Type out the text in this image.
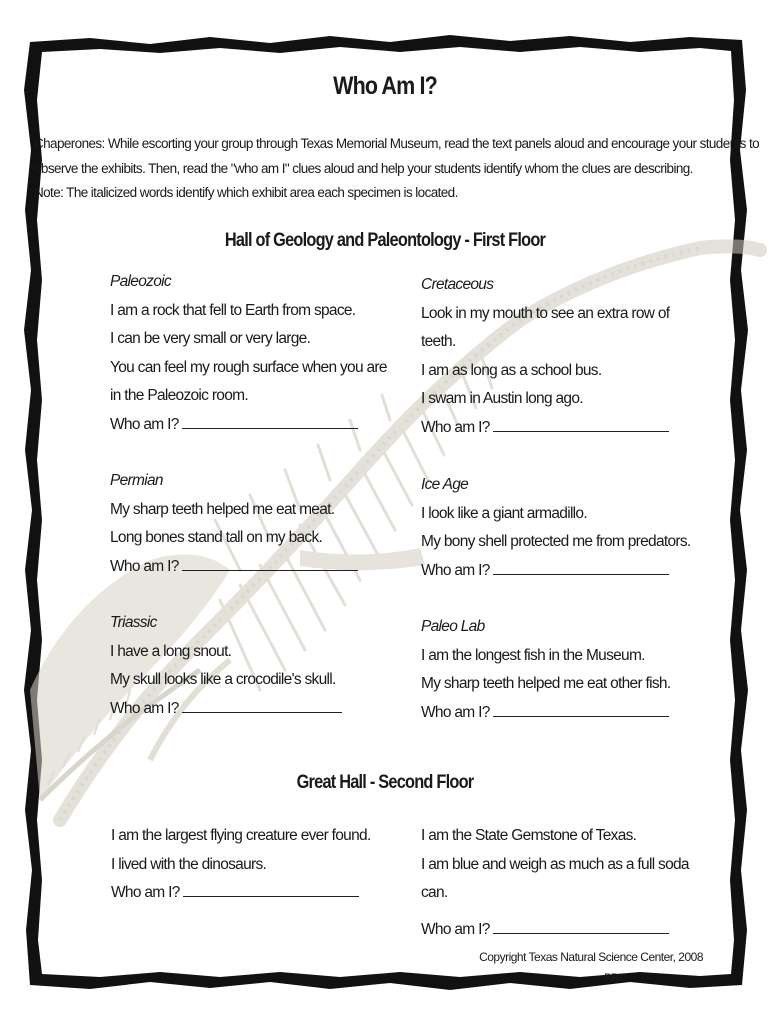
Who Am I?

Chaperones: While escorting your group through Texas Memorial Museum, read the text panels aloud and encourage your students to

observe the exhibits. Then, read the "who am I" clues aloud and help your students identify whom the clues are describing.

Note: The italicized words identify which exhibit area each specimen is located.

Hall of Geology and Paleontology - First Floor

Paleozoic

I am a rock that fell to Earth from space.

I can be very small or very large.

You can feel my rough surface when you are

in the Paleozoic room.

Who am I?

Cretaceous

Look in my mouth to see an extra row of

teeth.

I am as long as a school bus.

I swam in Austin long ago.

Who am I?

Permian

My sharp teeth helped me eat meat.

Long bones stand tall on my back.

Who am I?

Ice Age

I look like a giant armadillo.

My bony shell protected me from predators.

Who am I?

Triassic

I have a long snout.

My skull looks like a crocodile's skull.

Who am I?

Paleo Lab

I am the longest fish in the Museum.

My sharp teeth helped me eat other fish.

Who am I?

Great Hall - Second Floor

I am the largest flying creature ever found.

I lived with the dinosaurs.

Who am I?

I am the State Gemstone of Texas.

I am blue and weigh as much as a full soda

can.

Who am I?

Copyright Texas Natural Science Center, 2008
PRI
